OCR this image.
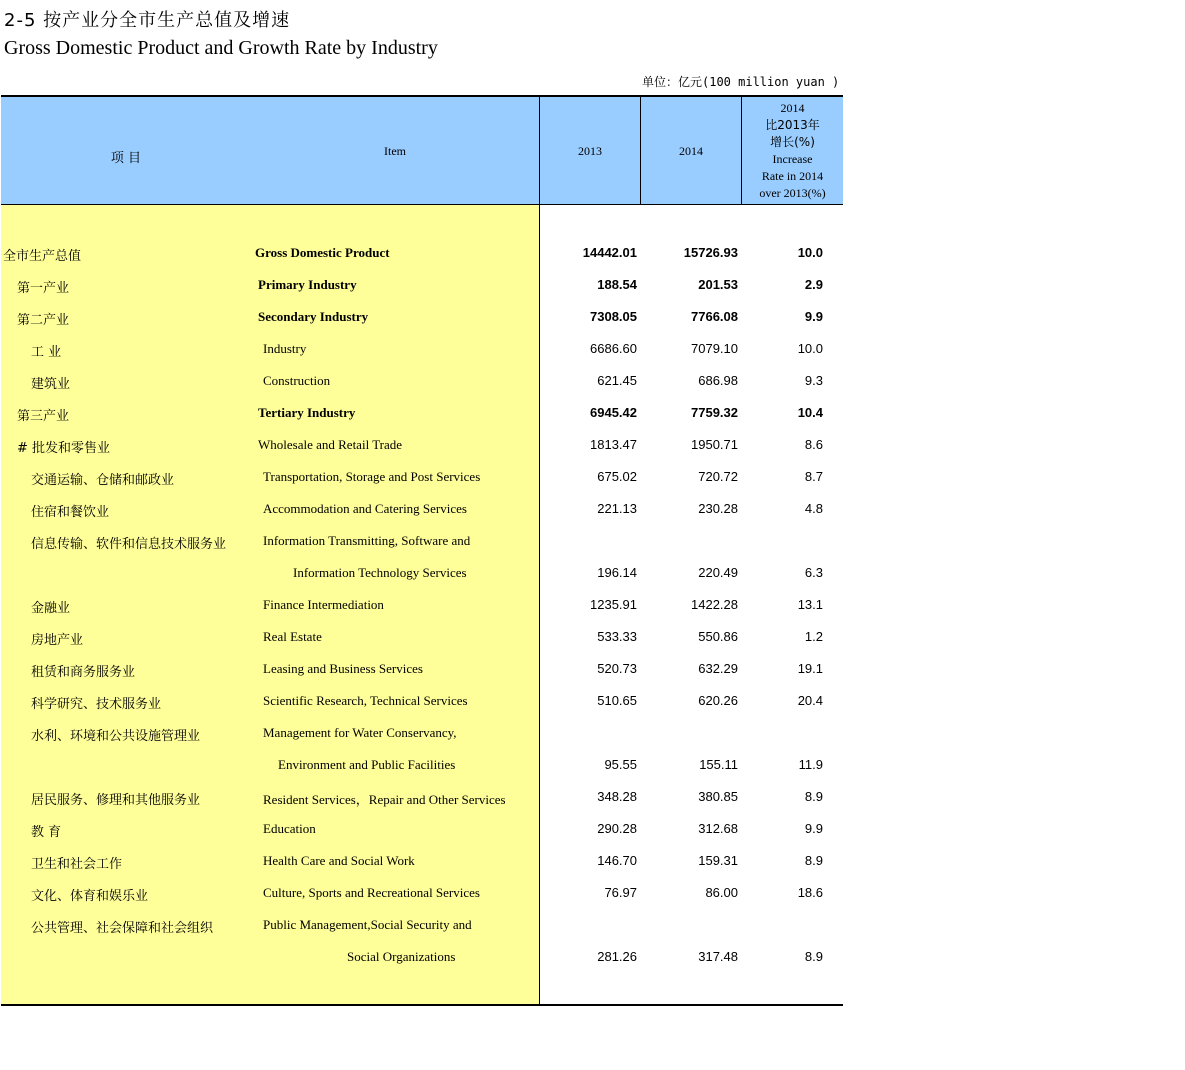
2-5 按产业分全市生产总值及增速
Gross Domestic Product and Growth Rate by Industry
单位：亿元(100 million yuan )
项 目	Item	2013	2014
2014
比2013年
增长(%)
Increase
Rate in 2014
over 2013(%)
全市生产总值	Gross Domestic Product	14442.01	15726.93	10.0
第一产业	Primary Industry	188.54	201.53	2.9
第二产业	Secondary Industry	7308.05	7766.08	9.9
工 业	Industry	6686.60	7079.10	10.0
建筑业	Construction	621.45	686.98	9.3
第三产业	Tertiary Industry	6945.42	7759.32	10.4
# 批发和零售业	Wholesale and Retail Trade	1813.47	1950.71	8.6
交通运输、仓储和邮政业	Transportation, Storage and Post Services	675.02	720.72	8.7
住宿和餐饮业	Accommodation and Catering Services	221.13	230.28	4.8
信息传输、软件和信息技术服务业	Information Transmitting, Software and
Information Technology Services	196.14	220.49	6.3
金融业	Finance Intermediation	1235.91	1422.28	13.1
房地产业	Real Estate	533.33	550.86	1.2
租赁和商务服务业	Leasing and Business Services	520.73	632.29	19.1
科学研究、技术服务业	Scientific Research, Technical Services	510.65	620.26	20.4
水利、环境和公共设施管理业	Management for Water Conservancy,
Environment and Public Facilities	95.55	155.11	11.9
居民服务、修理和其他服务业	Resident Services，Repair and Other Services	348.28	380.85	8.9
教 育	Education	290.28	312.68	9.9
卫生和社会工作	Health Care and Social Work	146.70	159.31	8.9
文化、体育和娱乐业	Culture, Sports and Recreational Services	76.97	86.00	18.6
公共管理、社会保障和社会组织	Public Management,Social Security and
Social Organizations	281.26	317.48	8.9
